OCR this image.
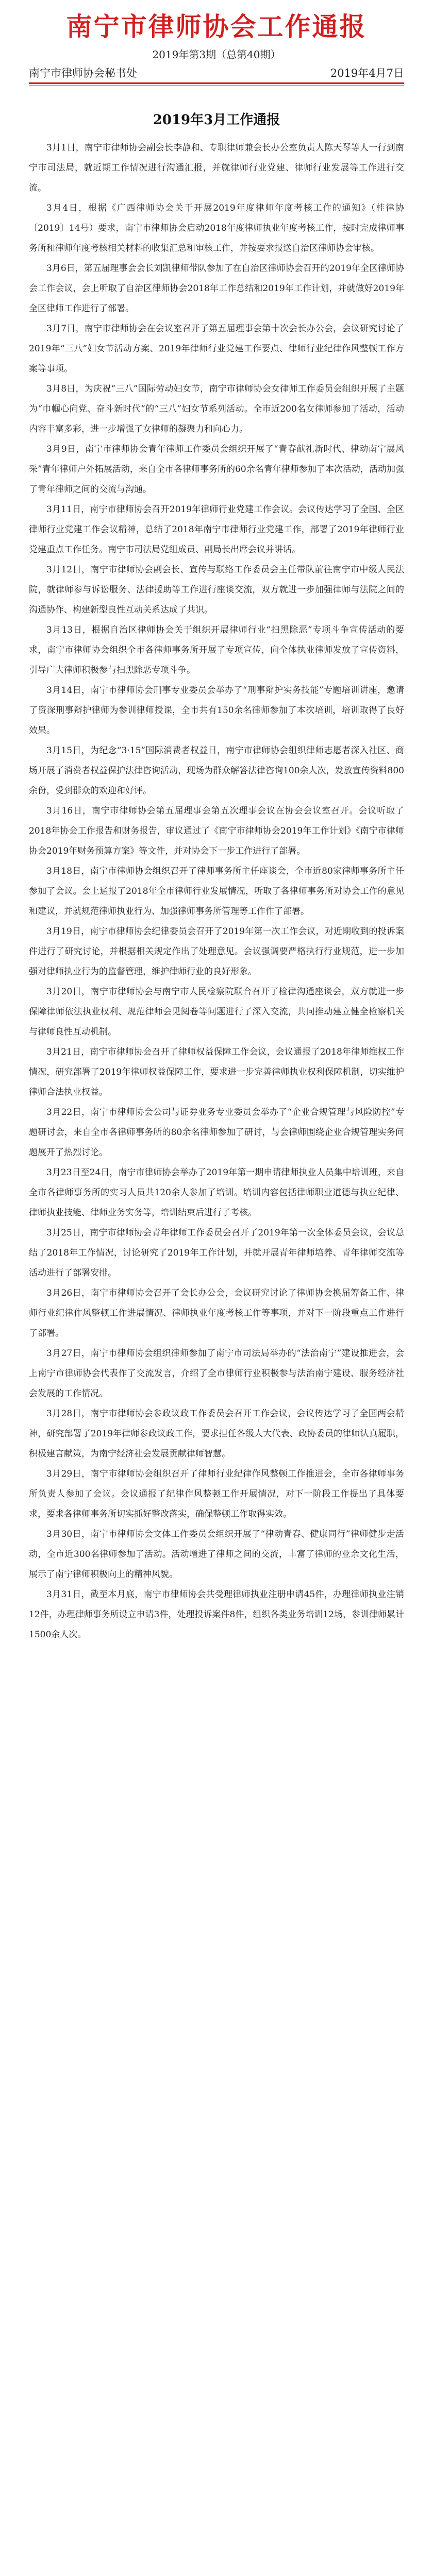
南宁市律师协会工作通报
2019年第3期（总第40期）
南宁市律师协会秘书处	2019年4月7日
2019年3月工作通报

3月1日，南宁市律师协会副会长李静和、专职律师兼会长办公室负责人陈天琴等人一行到南宁市司法局，就近期工作情况进行沟通汇报，并就律师行业党建、律师行业发展等工作进行交流。

3月4日，根据《广西律师协会关于开展2019年度律师年度考核工作的通知》（桂律协〔2019〕14号）要求，南宁市律师协会启动2018年度律师执业年度考核工作，按时完成律师事务所和律师年度考核相关材料的收集汇总和审核工作，并按要求报送自治区律师协会审核。

3月6日，第五届理事会会长刘凯律师带队参加了在自治区律师协会召开的2019年全区律师协会工作会议，会上听取了自治区律师协会2018年工作总结和2019年工作计划，并就做好2019年全区律师工作进行了部署。

3月7日，南宁市律师协会在会议室召开了第五届理事会第十次会长办公会，会议研究讨论了2019年“三八”妇女节活动方案、2019年律师行业党建工作要点、律师行业纪律作风整顿工作方案等事项。

3月8日，为庆祝“三八”国际劳动妇女节，南宁市律师协会女律师工作委员会组织开展了主题为“巾帼心向党、奋斗新时代”的“三八”妇女节系列活动。全市近200名女律师参加了活动，活动内容丰富多彩，进一步增强了女律师的凝聚力和向心力。

3月9日，南宁市律师协会青年律师工作委员会组织开展了“青春献礼新时代、律动南宁展风采”青年律师户外拓展活动，来自全市各律师事务所的60余名青年律师参加了本次活动，活动加强了青年律师之间的交流与沟通。

3月11日，南宁市律师协会召开2019年律师行业党建工作会议。会议传达学习了全国、全区律师行业党建工作会议精神，总结了2018年南宁市律师行业党建工作，部署了2019年律师行业党建重点工作任务。南宁市司法局党组成员、副局长出席会议并讲话。

3月12日，南宁市律师协会副会长、宣传与联络工作委员会主任带队前往南宁市中级人民法院，就律师参与诉讼服务、法律援助等工作进行座谈交流，双方就进一步加强律师与法院之间的沟通协作、构建新型良性互动关系达成了共识。

3月13日，根据自治区律师协会关于组织开展律师行业“扫黑除恶”专项斗争宣传活动的要求，南宁市律师协会组织全市各律师事务所开展了专项宣传，向全体执业律师发放了宣传资料，引导广大律师积极参与扫黑除恶专项斗争。

3月14日，南宁市律师协会刑事专业委员会举办了“刑事辩护实务技能”专题培训讲座，邀请了资深刑事辩护律师为参训律师授课，全市共有150余名律师参加了本次培训，培训取得了良好效果。

3月15日，为纪念“3·15”国际消费者权益日，南宁市律师协会组织律师志愿者深入社区、商场开展了消费者权益保护法律咨询活动，现场为群众解答法律咨询100余人次，发放宣传资料800余份，受到群众的欢迎和好评。

3月16日，南宁市律师协会第五届理事会第五次理事会议在协会会议室召开。会议听取了2018年协会工作报告和财务报告，审议通过了《南宁市律师协会2019年工作计划》《南宁市律师协会2019年财务预算方案》等文件，并对协会下一步工作进行了部署。

3月18日，南宁市律师协会组织召开了律师事务所主任座谈会，全市近80家律师事务所主任参加了会议。会上通报了2018年全市律师行业发展情况，听取了各律师事务所对协会工作的意见和建议，并就规范律师执业行为、加强律师事务所管理等工作作了部署。

3月19日，南宁市律师协会纪律委员会召开了2019年第一次工作会议，对近期收到的投诉案件进行了研究讨论，并根据相关规定作出了处理意见。会议强调要严格执行行业规范，进一步加强对律师执业行为的监督管理，维护律师行业的良好形象。

3月20日，南宁市律师协会与南宁市人民检察院联合召开了检律沟通座谈会，双方就进一步保障律师依法执业权利、规范律师会见阅卷等问题进行了深入交流，共同推动建立健全检察机关与律师良性互动机制。

3月21日，南宁市律师协会召开了律师权益保障工作会议，会议通报了2018年律师维权工作情况，研究部署了2019年律师权益保障工作，要求进一步完善律师执业权利保障机制，切实维护律师合法执业权益。

3月22日，南宁市律师协会公司与证券业务专业委员会举办了“企业合规管理与风险防控”专题研讨会，来自全市各律师事务所的80余名律师参加了研讨，与会律师围绕企业合规管理实务问题展开了热烈讨论。

3月23日至24日，南宁市律师协会举办了2019年第一期申请律师执业人员集中培训班，来自全市各律师事务所的实习人员共120余人参加了培训。培训内容包括律师职业道德与执业纪律、律师执业技能、律师业务实务等，培训结束后进行了考核。

3月25日，南宁市律师协会青年律师工作委员会召开了2019年第一次全体委员会议，会议总结了2018年工作情况，讨论研究了2019年工作计划，并就开展青年律师培养、青年律师交流等活动进行了部署安排。

3月26日，南宁市律师协会召开了会长办公会，会议研究讨论了律师协会换届筹备工作、律师行业纪律作风整顿工作进展情况、律师执业年度考核工作等事项，并对下一阶段重点工作进行了部署。

3月27日，南宁市律师协会组织律师参加了南宁市司法局举办的“法治南宁”建设推进会，会上南宁市律师协会代表作了交流发言，介绍了全市律师行业积极参与法治南宁建设、服务经济社会发展的工作情况。

3月28日，南宁市律师协会参政议政工作委员会召开工作会议，会议传达学习了全国两会精神，研究部署了2019年律师参政议政工作，要求担任各级人大代表、政协委员的律师认真履职，积极建言献策，为南宁经济社会发展贡献律师智慧。

3月29日，南宁市律师协会组织召开了律师行业纪律作风整顿工作推进会，全市各律师事务所负责人参加了会议。会议通报了纪律作风整顿工作开展情况，对下一阶段工作提出了具体要求，要求各律师事务所切实抓好整改落实，确保整顿工作取得实效。

3月30日，南宁市律师协会文体工作委员会组织开展了“律动青春、健康同行”律师健步走活动，全市近300名律师参加了活动。活动增进了律师之间的交流，丰富了律师的业余文化生活，展示了南宁律师积极向上的精神风貌。

3月31日，截至本月底，南宁市律师协会共受理律师执业注册申请45件，办理律师执业注销12件，办理律师事务所设立申请3件，处理投诉案件8件，组织各类业务培训12场，参训律师累计1500余人次。
